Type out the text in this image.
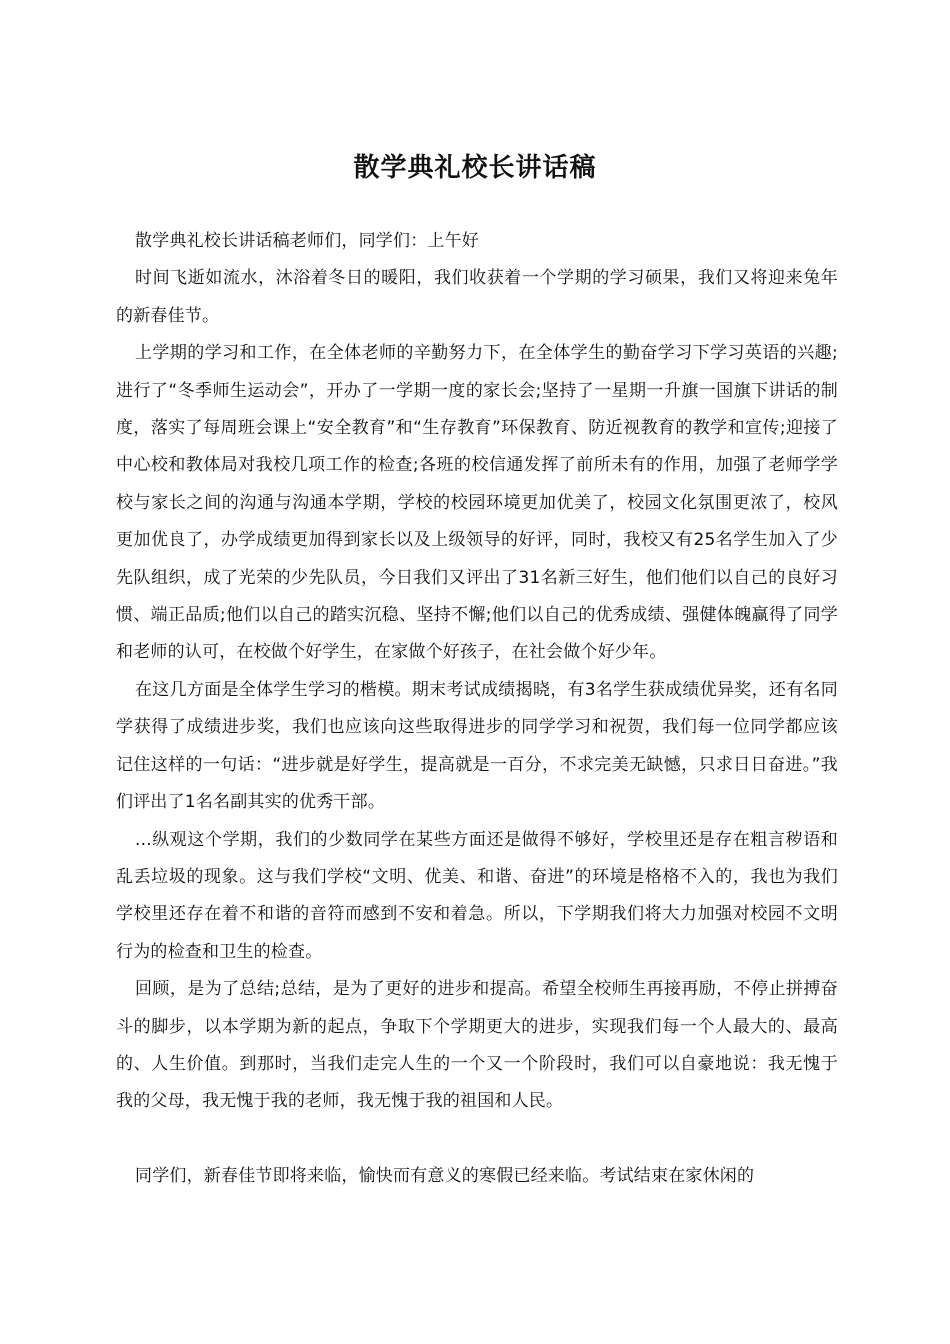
散学典礼校长讲话稿

散学典礼校长讲话稿老师们，同学们：上午好

时间飞逝如流水，沐浴着冬日的暖阳，我们收获着一个学期的学习硕果，我们又将迎来兔年的新春佳节。

上学期的学习和工作，在全体老师的辛勤努力下，在全体学生的勤奋学习下学习英语的兴趣;进行了“冬季师生运动会”，开办了一学期一度的家长会;坚持了一星期一升旗一国旗下讲话的制度，落实了每周班会课上“安全教育”和“生存教育”环保教育、防近视教育的教学和宣传;迎接了中心校和教体局对我校几项工作的检查;各班的校信通发挥了前所未有的作用，加强了老师学学校与家长之间的沟通与沟通本学期，学校的校园环境更加优美了，校园文化氛围更浓了，校风更加优良了，办学成绩更加得到家长以及上级领导的好评，同时，我校又有25名学生加入了少先队组织，成了光荣的少先队员，今日我们又评出了31名新三好生，他们他们以自己的良好习惯、端正品质;他们以自己的踏实沉稳、坚持不懈;他们以自己的优秀成绩、强健体魄赢得了同学和老师的认可，在校做个好学生，在家做个好孩子，在社会做个好少年。

在这几方面是全体学生学习的楷模。期末考试成绩揭晓，有3名学生获成绩优异奖，还有名同学获得了成绩进步奖，我们也应该向这些取得进步的同学学习和祝贺，我们每一位同学都应该记住这样的一句话：“进步就是好学生，提高就是一百分，不求完美无缺憾，只求日日奋进。”我们评出了1名名副其实的优秀干部。

...纵观这个学期，我们的少数同学在某些方面还是做得不够好，学校里还是存在粗言秽语和乱丢垃圾的现象。这与我们学校“文明、优美、和谐、奋进”的环境是格格不入的，我也为我们学校里还存在着不和谐的音符而感到不安和着急。所以，下学期我们将大力加强对校园不文明行为的检查和卫生的检查。

回顾，是为了总结;总结，是为了更好的进步和提高。希望全校师生再接再励，不停止拼搏奋斗的脚步，以本学期为新的起点，争取下个学期更大的进步，实现我们每一个人最大的、最高的、人生价值。到那时，当我们走完人生的一个又一个阶段时，我们可以自豪地说：我无愧于我的父母，我无愧于我的老师，我无愧于我的祖国和人民。

同学们，新春佳节即将来临，愉快而有意义的寒假已经来临。考试结束在家休闲的
